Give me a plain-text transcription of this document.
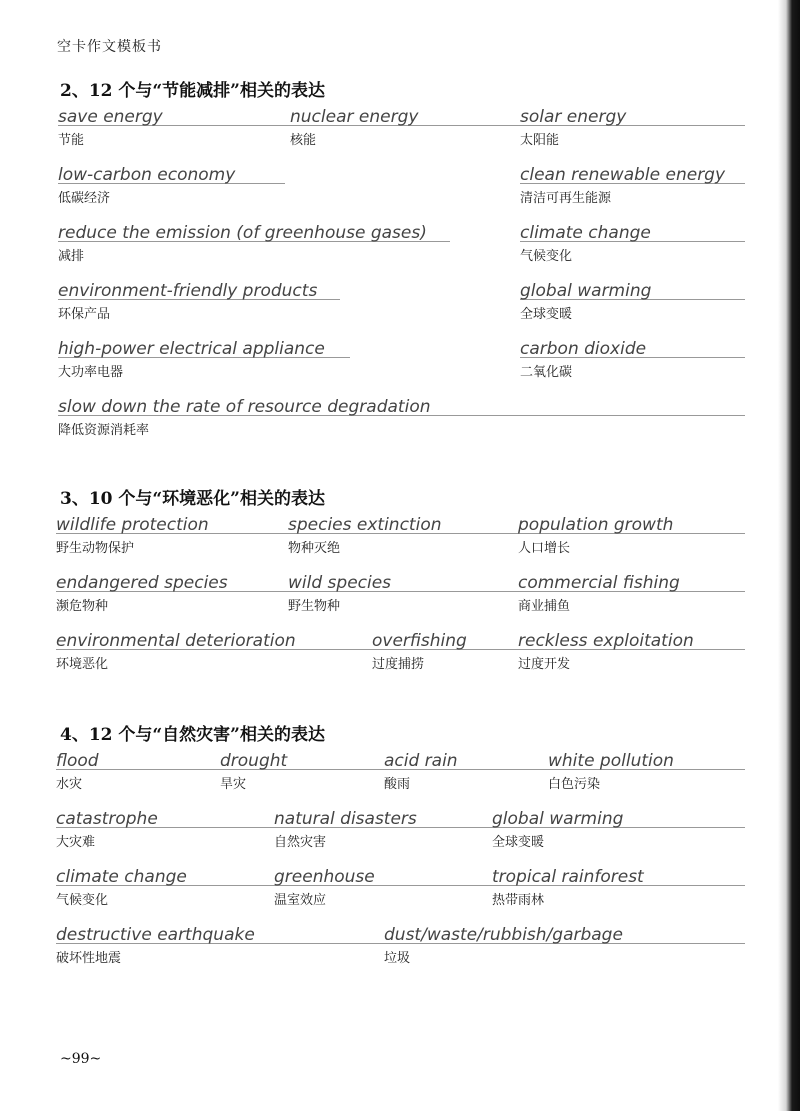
空卡作文模板书
2、12 个与“节能减排”相关的表达
save energy
节能
nuclear energy
核能
solar energy
太阳能
low-carbon economy
低碳经济
clean renewable energy
清洁可再生能源
reduce the emission (of greenhouse gases)
减排
climate change
气候变化
environment-friendly products
环保产品
global warming
全球变暖
high-power electrical appliance
大功率电器
carbon dioxide
二氧化碳
slow down the rate of resource degradation
降低资源消耗率
3、10 个与“环境恶化”相关的表达
wildlife protection
野生动物保护
species extinction
物种灭绝
population growth
人口增长
endangered species
濒危物种
wild species
野生物种
commercial fishing
商业捕鱼
environmental deterioration
环境恶化
overfishing
过度捕捞
reckless exploitation
过度开发
4、12 个与“自然灾害”相关的表达
flood
水灾
drought
旱灾
acid rain
酸雨
white pollution
白色污染
catastrophe
大灾难
natural disasters
自然灾害
global warming
全球变暖
climate change
气候变化
greenhouse
温室效应
tropical rainforest
热带雨林
destructive earthquake
破坏性地震
dust/waste/rubbish/garbage
垃圾
~99~
